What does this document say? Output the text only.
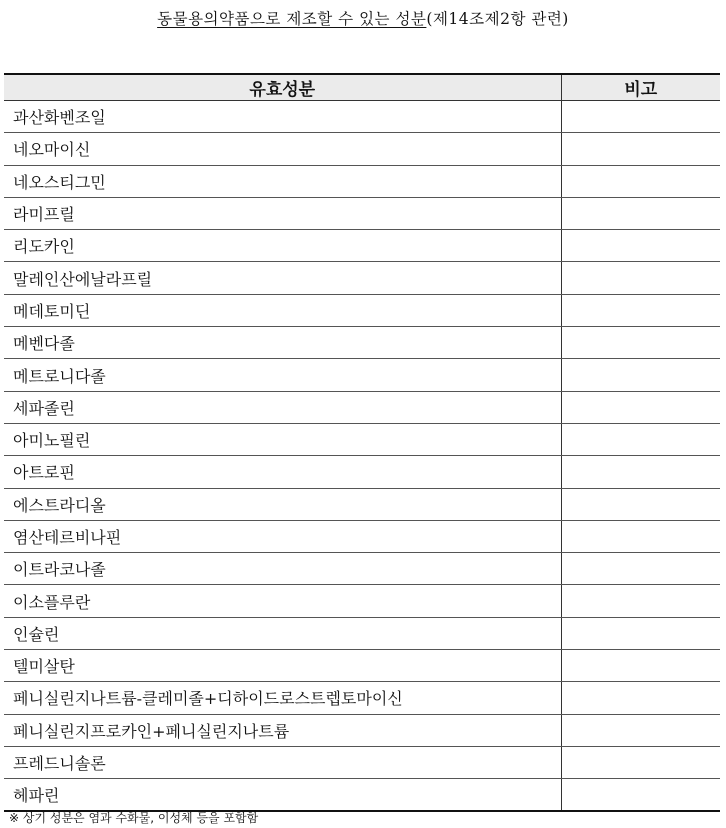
동물용의약품으로 제조할 수 있는 성분(제14조제2항 관련)
유효성분	비고
과산화벤조일	
네오마이신	
네오스티그민	
라미프릴	
리도카인	
말레인산에날라프릴	
메데토미딘	
메벤다졸	
메트로니다졸	
세파졸린	
아미노필린	
아트로핀	
에스트라디올	
염산테르비나핀	
이트라코나졸	
이소플루란	
인슐린	
텔미살탄	
페니실린지나트륨-클레미졸+디하이드로스트렙토마이신	
페니실린지프로카인+페니실린지나트륨	
프레드니솔론	
헤파린	
※ 상기 성분은 염과 수화물, 이성체 등을 포함함
